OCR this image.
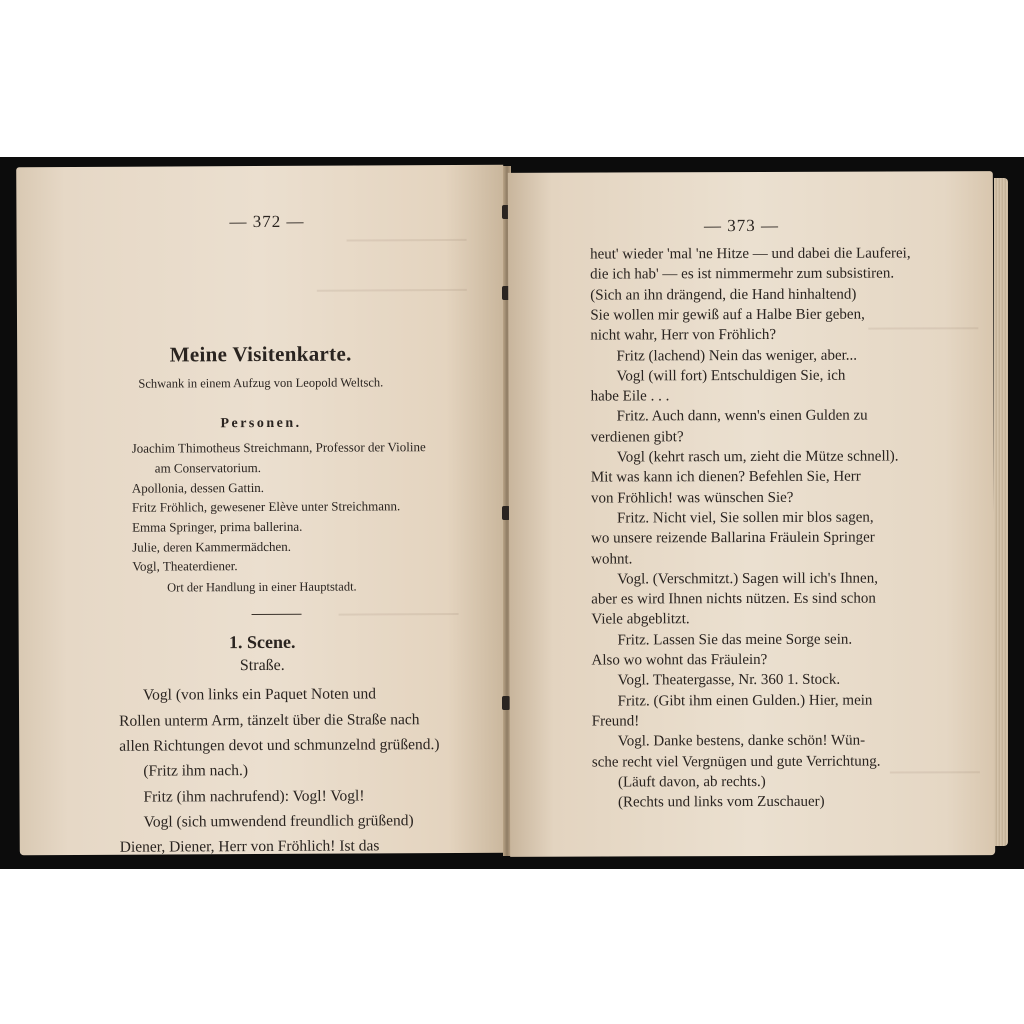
— 372 —
Meine Visitenkarte.
Schwank in einem Aufzug von Leopold Weltsch.
Personen.
Joachim Thimotheus Streichmann, Professor der Violine
am Conservatorium.
Apollonia, dessen Gattin.
Fritz Fröhlich, gewesener Elève unter Streichmann.
Emma Springer, prima ballerina.
Julie, deren Kammermädchen.
Vogl, Theaterdiener.
Ort der Handlung in einer Hauptstadt.
1. Scene.
Straße.
Vogl (von links ein Paquet Noten und
Rollen unterm Arm, tänzelt über die Straße nach
allen Richtungen devot und schmunzelnd grüßend.)
(Fritz ihm nach.)
Fritz (ihm nachrufend): Vogl! Vogl!
Vogl (sich umwendend freundlich grüßend)
Diener, Diener, Herr von Fröhlich! Ist das
— 373 —
heut' wieder 'mal 'ne Hitze — und dabei die Lauferei,
die ich hab' — es ist nimmermehr zum subsistiren.
(Sich an ihn drängend, die Hand hinhaltend)
Sie wollen mir gewiß auf a Halbe Bier geben,
nicht wahr, Herr von Fröhlich?
Fritz (lachend) Nein das weniger, aber...
Vogl (will fort) Entschuldigen Sie, ich
habe Eile . . .
Fritz. Auch dann, wenn's einen Gulden zu
verdienen gibt?
Vogl (kehrt rasch um, zieht die Mütze schnell).
Mit was kann ich dienen? Befehlen Sie, Herr
von Fröhlich! was wünschen Sie?
Fritz. Nicht viel, Sie sollen mir blos sagen,
wo unsere reizende Ballarina Fräulein Springer
wohnt.
Vogl. (Verschmitzt.) Sagen will ich's Ihnen,
aber es wird Ihnen nichts nützen. Es sind schon
Viele abgeblitzt.
Fritz. Lassen Sie das meine Sorge sein.
Also wo wohnt das Fräulein?
Vogl. Theatergasse, Nr. 360 1. Stock.
Fritz. (Gibt ihm einen Gulden.) Hier, mein
Freund!
Vogl. Danke bestens, danke schön! Wün-
sche recht viel Vergnügen und gute Verrichtung.
(Läuft davon, ab rechts.)
(Rechts und links vom Zuschauer)
